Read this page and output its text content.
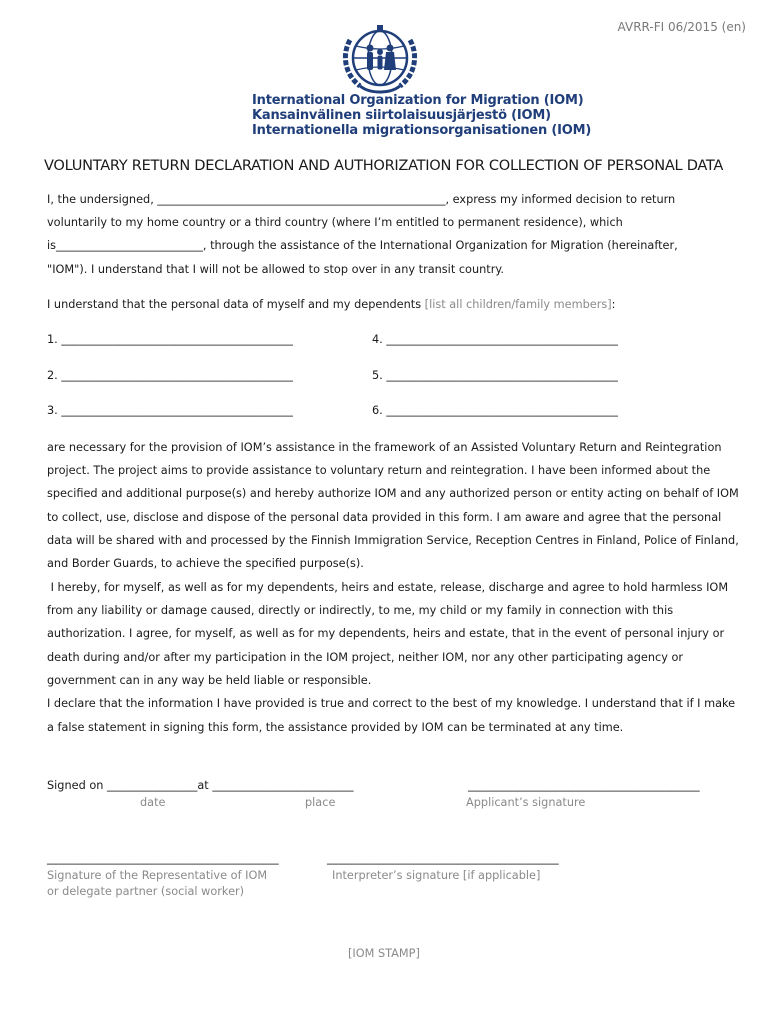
AVRR-FI 06/2015 (en)
International Organization for Migration (IOM)
Kansainvälinen siirtolaisuusjärjestö (IOM)
Internationella migrationsorganisationen (IOM)
VOLUNTARY RETURN DECLARATION AND AUTHORIZATION FOR COLLECTION OF PERSONAL DATA
I, the undersigned, ___________________________________________________, express my informed decision to return
voluntarily to my home country or a third country (where I’m entitled to permanent residence), which
is__________________________, through the assistance of the International Organization for Migration (hereinafter,
"IOM"). I understand that I will not be allowed to stop over in any transit country.
I understand that the personal data of myself and my dependents [list all children/family members]:
1. _________________________________________
2. _________________________________________
3. _________________________________________
4. _________________________________________
5. _________________________________________
6. _________________________________________
are necessary for the provision of IOM’s assistance in the framework of an Assisted Voluntary Return and Reintegration
project. The project aims to provide assistance to voluntary return and reintegration. I have been informed about the
specified and additional purpose(s) and hereby authorize IOM and any authorized person or entity acting on behalf of IOM
to collect, use, disclose and dispose of the personal data provided in this form. I am aware and agree that the personal
data will be shared with and processed by the Finnish Immigration Service, Reception Centres in Finland, Police of Finland,
and Border Guards, to achieve the specified purpose(s).
I hereby, for myself, as well as for my dependents, heirs and estate, release, discharge and agree to hold harmless IOM
from any liability or damage caused, directly or indirectly, to me, my child or my family in connection with this
authorization. I agree, for myself, as well as for my dependents, heirs and estate, that in the event of personal injury or
death during and/or after my participation in the IOM project, neither IOM, nor any other participating agency or
government can in any way be held liable or responsible.
I declare that the information I have provided is true and correct to the best of my knowledge. I understand that if I make
a false statement in signing this form, the assistance provided by IOM can be terminated at any time.
Signed on ________________at _________________________	_________________________________________
date	place	Applicant’s signature
_________________________________________	_________________________________________
Signature of the Representative of IOM
or delegate partner (social worker)
Interpreter’s signature [if applicable]
[IOM STAMP]
